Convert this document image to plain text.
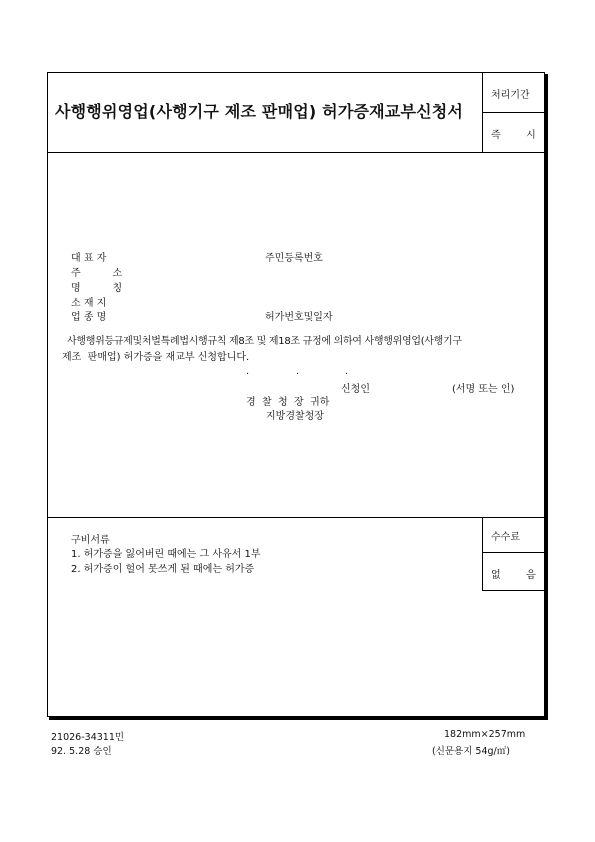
사행행위영업(사행기구 제조 판매업) 허가증재교부신청서
처리기간
즉        시
대 표 자	주민등록번호
주          소
명          칭
소 재 지
업 종 명	허가번호및일자
사행행위등규제및처벌특례법시행규칙 제8조 및 제18조 규정에 의하여 사행행위영업(사행기구
제조  판매업) 허가증을 재교부 신청합니다.
.	.	.
신청인	(서명 또는 인)
경  찰  청  장  귀하
지방경찰청장
구비서류
1. 허가증을 잃어버린 때에는 그 사유서 1부
2. 허가증이 헐어 못쓰게 된 때에는 허가증
수수료
없        음
21026-34311민
92. 5.28 승인
182mm×257mm
(신문용지 54g/㎡)
